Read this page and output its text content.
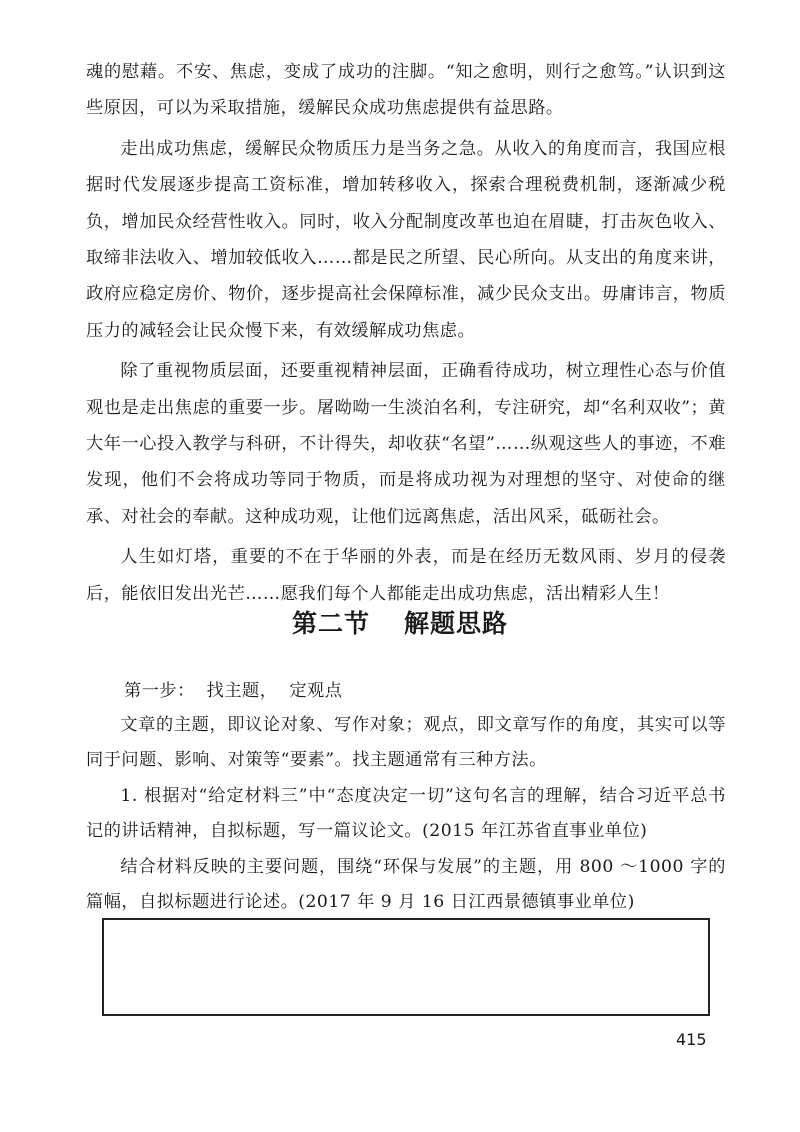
魂的慰藉。不安、焦虑，变成了成功的注脚。“知之愈明，则行之愈笃。”认识到这些原因，可以为采取措施，缓解民众成功焦虑提供有益思路。

走出成功焦虑，缓解民众物质压力是当务之急。从收入的角度而言，我国应根据时代发展逐步提高工资标准，增加转移收入，探索合理税费机制，逐渐减少税负，增加民众经营性收入。同时，收入分配制度改革也迫在眉睫，打击灰色收入、取缔非法收入、增加较低收入……都是民之所望、民心所向。从支出的角度来讲，政府应稳定房价、物价，逐步提高社会保障标准，减少民众支出。毋庸讳言，物质压力的减轻会让民众慢下来，有效缓解成功焦虑。

除了重视物质层面，还要重视精神层面，正确看待成功，树立理性心态与价值观也是走出焦虑的重要一步。屠呦呦一生淡泊名利，专注研究，却“名利双收”；黄大年一心投入教学与科研，不计得失，却收获“名望”……纵观这些人的事迹，不难发现，他们不会将成功等同于物质，而是将成功视为对理想的坚守、对使命的继承、对社会的奉献。这种成功观，让他们远离焦虑，活出风采，砥砺社会。

人生如灯塔，重要的不在于华丽的外表，而是在经历无数风雨、岁月的侵袭后，能依旧发出光芒……愿我们每个人都能走出成功焦虑，活出精彩人生！

第二节 解题思路

第一步：  找主题，  定观点

文章的主题，即议论对象、写作对象；观点，即文章写作的角度，其实可以等同于问题、影响、对策等“要素”。找主题通常有三种方法。

1. 根据对“给定材料三”中“态度决定一切”这句名言的理解，结合习近平总书记的讲话精神，自拟标题，写一篇议论文。(2015 年江苏省直事业单位)

结合材料反映的主要问题，围绕“环保与发展”的主题，用 800 ～1000 字的篇幅，自拟标题进行论述。(2017 年 9 月 16 日江西景德镇事业单位)

415
